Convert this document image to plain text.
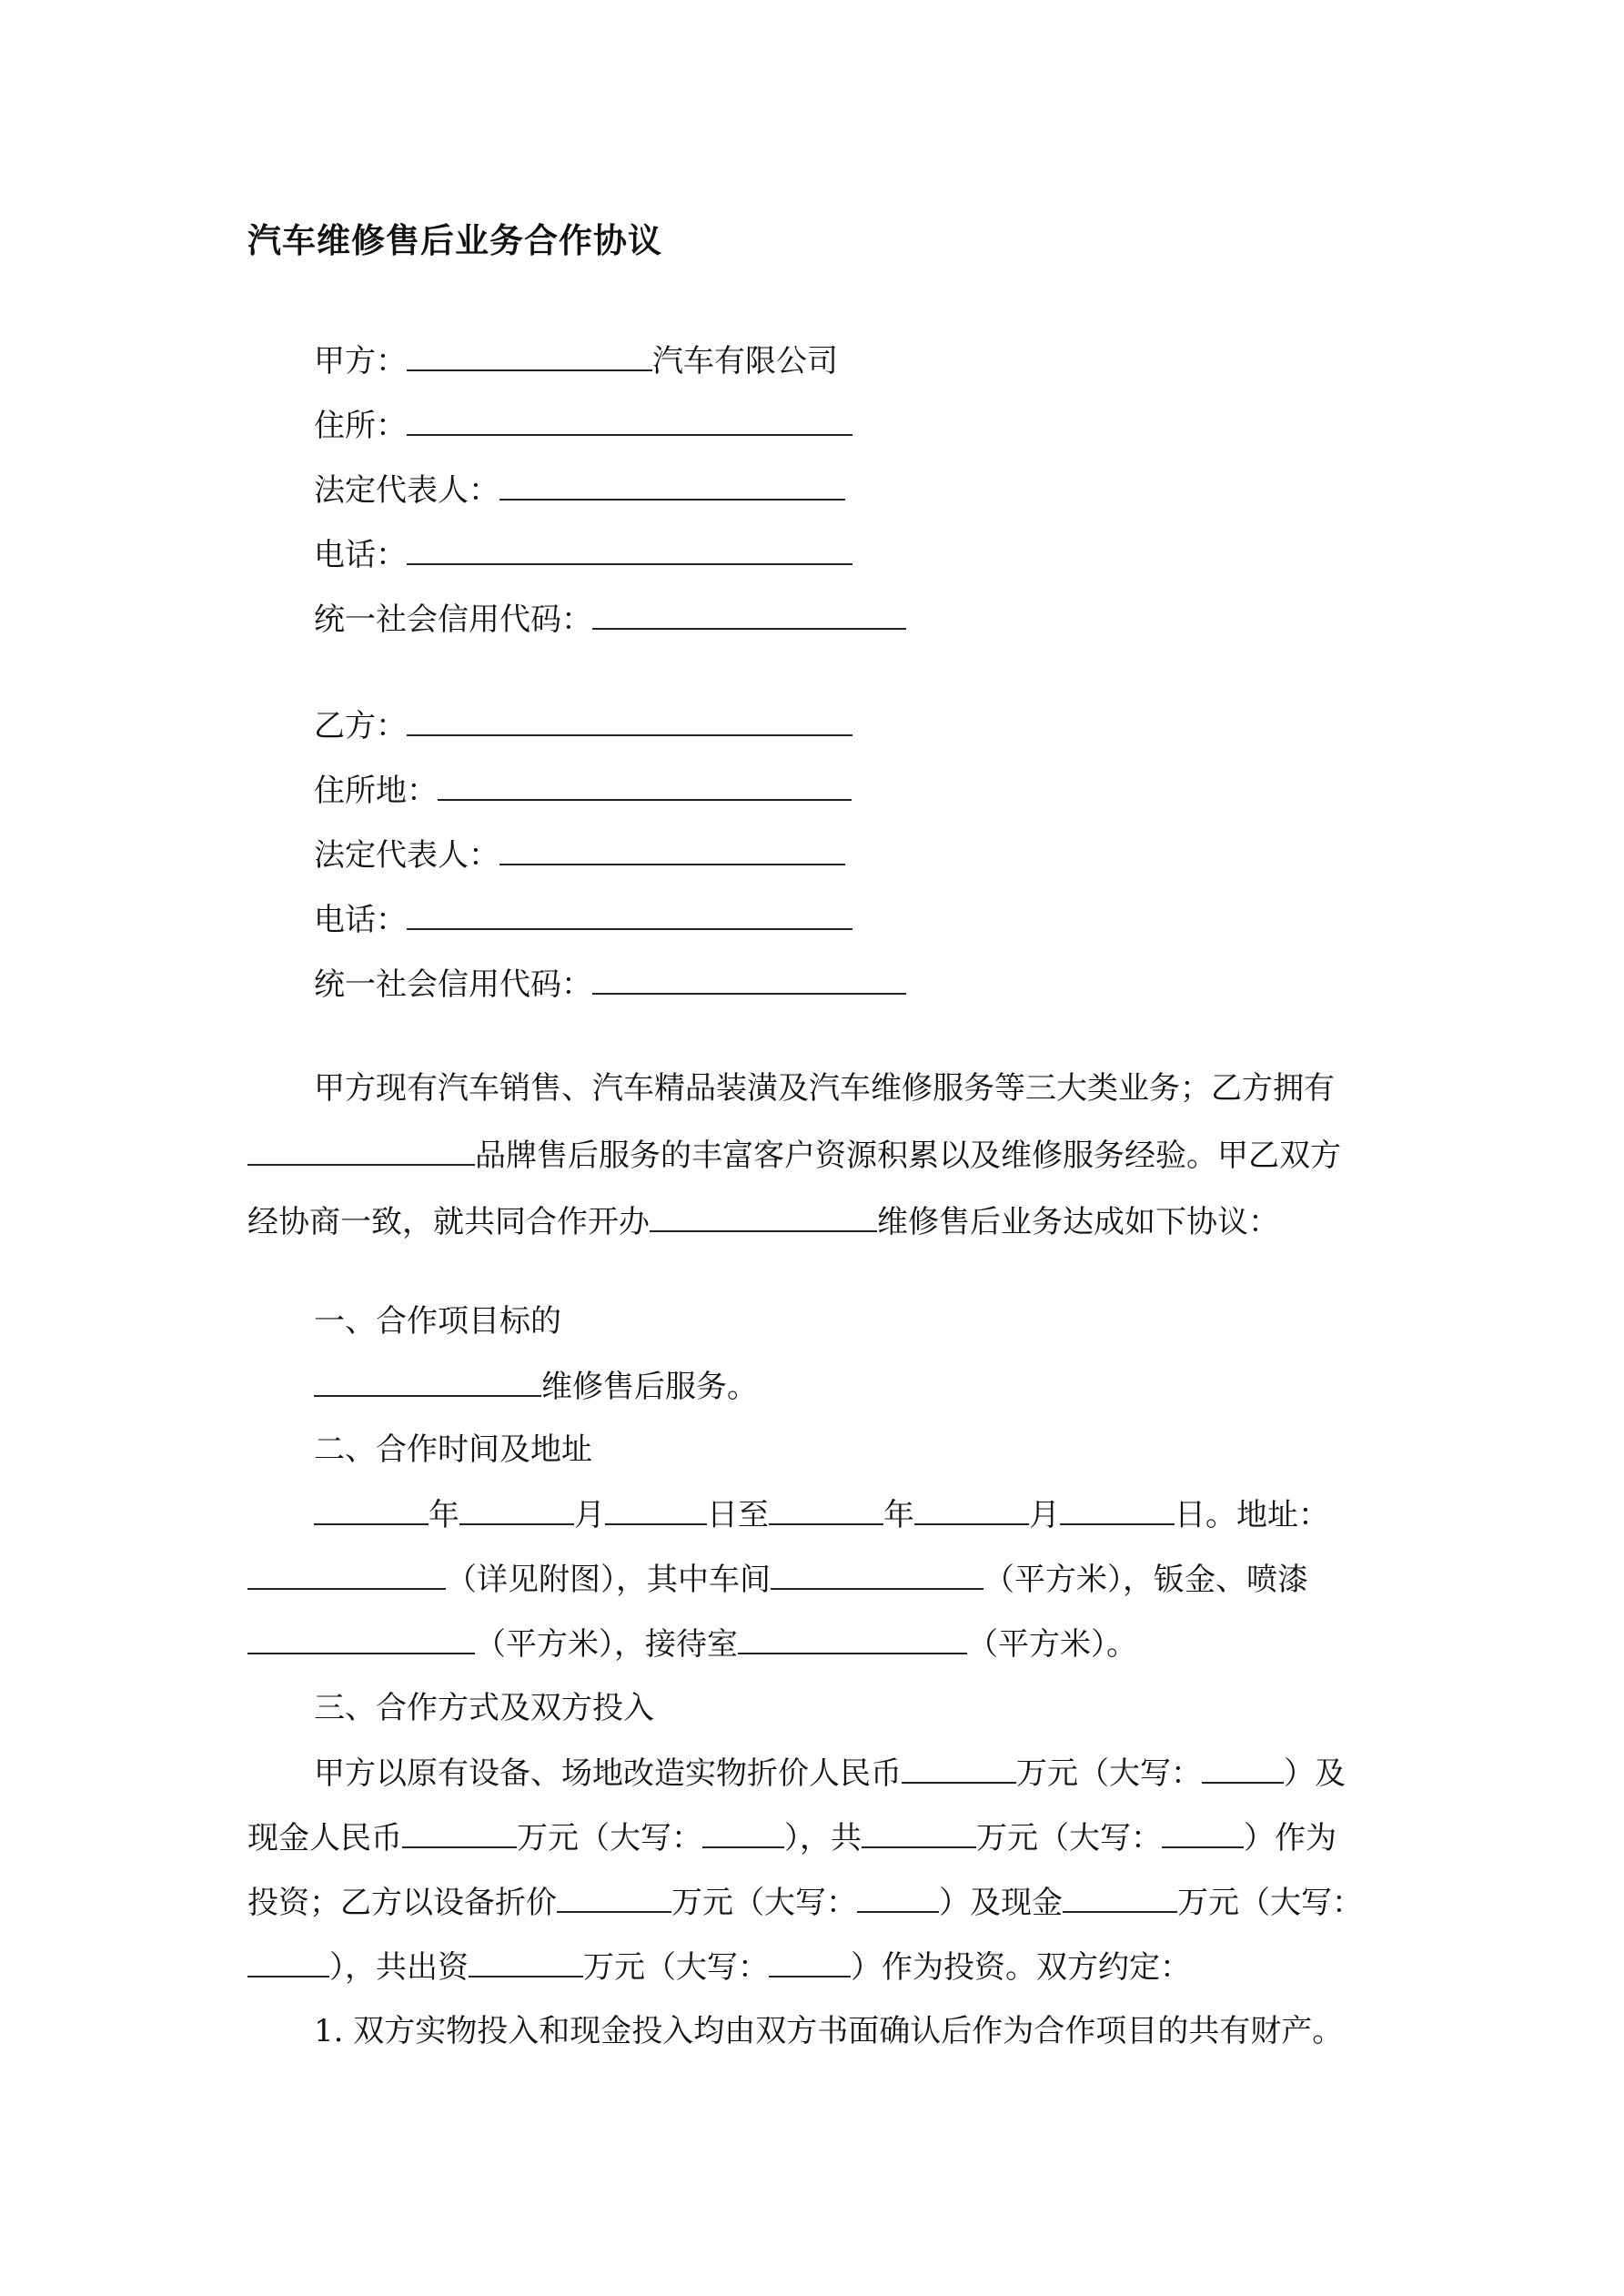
汽车维修售后业务合作协议
甲方：	汽车有限公司
住所：
法定代表人：
电话：
统一社会信用代码：
乙方：
住所地：
法定代表人：
电话：
统一社会信用代码：
甲方现有汽车销售、汽车精品装潢及汽车维修服务等三大类业务；乙方拥有
品牌售后服务的丰富客户资源积累以及维修服务经验。甲乙双方
经协商一致，就共同合作开办	维修售后业务达成如下协议：
一、合作项目标的
维修售后服务。
二、合作时间及地址
年	月	日至	年	月	日。地址：
（详见附图），其中车间	（平方米），钣金、喷漆
（平方米），接待室	（平方米）。
三、合作方式及双方投入
甲方以原有设备、场地改造实物折价人民币	万元（大写：	）及
现金人民币	万元（大写：	），共	万元（大写：	）作为
投资；乙方以设备折价	万元（大写：	）及现金	万元（大写：
），共出资	万元（大写：	）作为投资。双方约定：
1. 双方实物投入和现金投入均由双方书面确认后作为合作项目的共有财产。
